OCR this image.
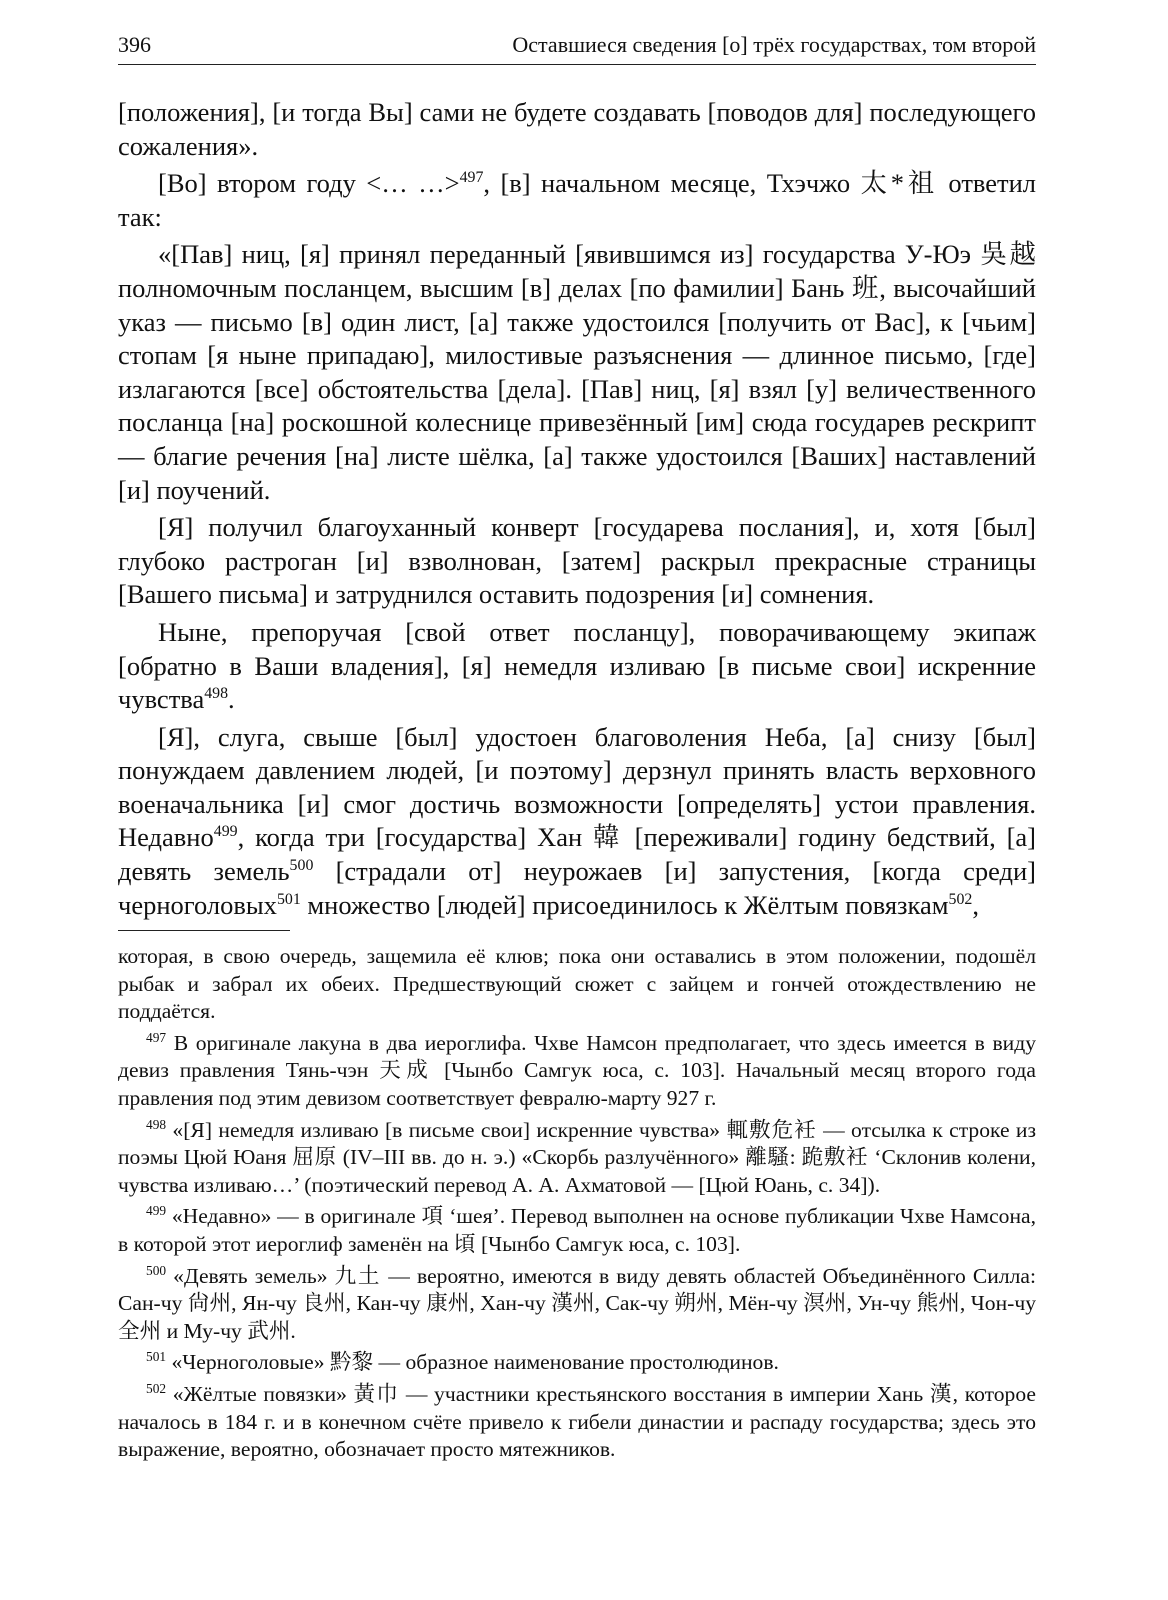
396	Оставшиеся сведения [о] трёх государствах, том второй

[положения], [и тогда Вы] сами не будете создавать [поводов для] последующего сожаления».

[Во] втором году <… …>$^{497}$, [в] начальном месяце, Тхэчжо 太*祖 ответил так:

«[Пав] ниц, [я] принял переданный [явившимся из] государства У-Юэ 吳越 полномочным посланцем, высшим [в] делах [по фамилии] Бань 班, высочайший указ — письмо [в] один лист, [а] также удостоился [получить от Вас], к [чьим] стопам [я ныне припадаю], милостивые разъяснения — длинное письмо, [где] излагаются [все] обстоятельства [дела]. [Пав] ниц, [я] взял [у] величественного посланца [на] роскошной колеснице привезённый [им] сюда государев рескрипт — благие речения [на] листе шёлка, [а] также удостоился [Ваших] наставлений [и] поучений.

[Я] получил благоуханный конверт [государева послания], и, хотя [был] глубоко растроган [и] взволнован, [затем] раскрыл прекрасные страницы [Вашего письма] и затруднился оставить подозрения [и] сомнения.

Ныне, препоручая [свой ответ посланцу], поворачивающему экипаж [обратно в Ваши владения], [я] немедля изливаю [в письме свои] искренние чувства$^{498}$.

[Я], слуга, свыше [был] удостоен благоволения Неба, [а] снизу [был] понуждаем давлением людей, [и поэтому] дерзнул принять власть верховного военачальника [и] смог достичь возможности [определять] устои правления. Недавно$^{499}$, когда три [государства] Хан 韓 [переживали] годину бедствий, [а] девять земель$^{500}$ [страдали от] неурожаев [и] запустения, [когда среди] черноголовых$^{501}$ множество [людей] присоединилось к Жёлтым повязкам$^{502}$,

которая, в свою очередь, защемила её клюв; пока они оставались в этом положении, подошёл рыбак и забрал их обеих. Предшествующий сюжет с зайцем и гончей отождествлению не поддаётся.

$^{497}$ В оригинале лакуна в два иероглифа. Чхве Намсон предполагает, что здесь имеется в виду девиз правления Тянь-чэн 天成 [Чынбо Самгук юса, с. 103]. Начальный месяц второго года правления под этим девизом соответствует февралю-марту 927 г.

$^{498}$ «[Я] немедля изливаю [в письме свои] искренние чувства» 輒敷危衽 — отсылка к строке из поэмы Цюй Юаня 屈原 (IV–III вв. до н. э.) «Скорбь разлучённого» 離騷: 跪敷衽 ‘Склонив колени, чувства изливаю…’ (поэтический перевод А. А. Ахматовой — [Цюй Юань, с. 34]).

$^{499}$ «Недавно» — в оригинале 項 ‘шея’. Перевод выполнен на основе публикации Чхве Намсона, в которой этот иероглиф заменён на 頃 [Чынбо Самгук юса, с. 103].

$^{500}$ «Девять земель» 九土 — вероятно, имеются в виду девять областей Объединённого Силла: Сан-чу 尙州, Ян-чу 良州, Кан-чу 康州, Хан-чу 漢州, Сак-чу 朔州, Мён-чу 溟州, Ун-чу 熊州, Чон-чу 全州 и Му-чу 武州.

$^{501}$ «Черноголовые» 黔黎 — образное наименование простолюдинов.

$^{502}$ «Жёлтые повязки» 黃巾 — участники крестьянского восстания в империи Хань 漢, которое началось в 184 г. и в конечном счёте привело к гибели династии и распаду государства; здесь это выражение, вероятно, обозначает просто мятежников.
